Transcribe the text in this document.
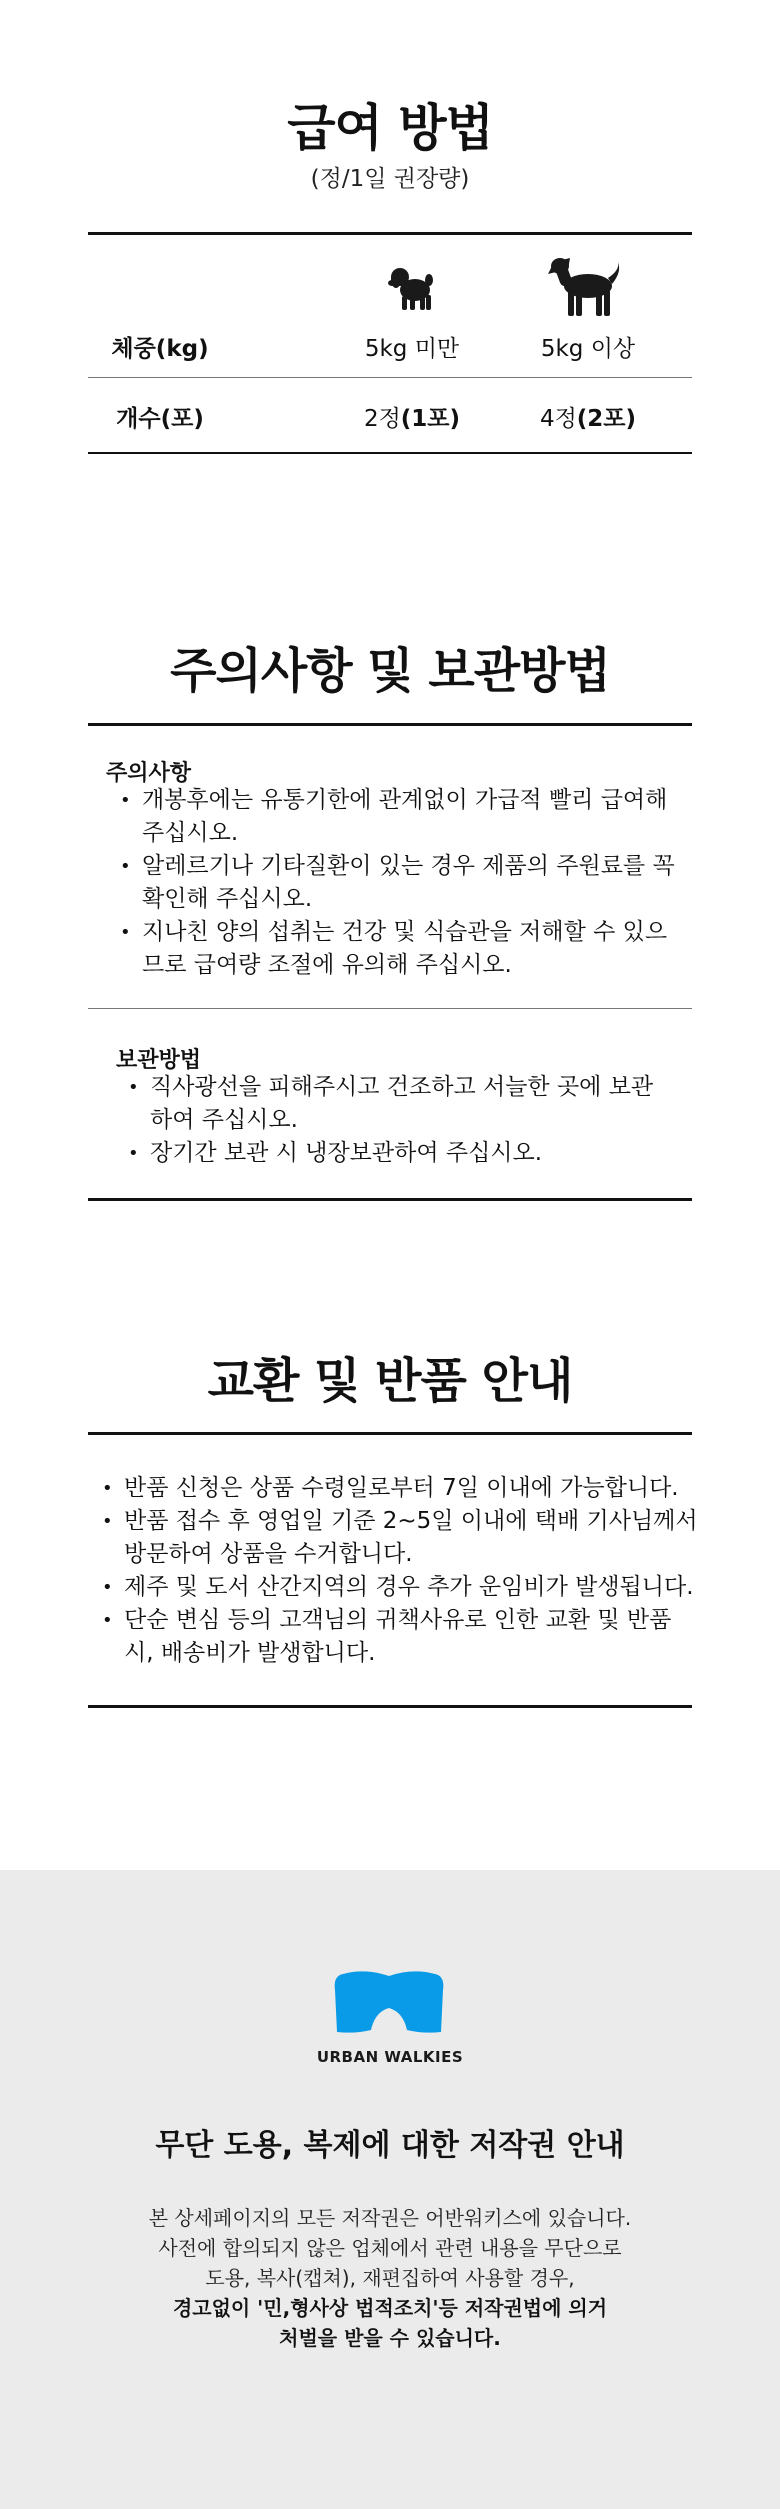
급여 방법
(정/1일 권장량)
체중(kg)	5kg 미만	5kg 이상
개수(포)	2정(1포)	4정(2포)
주의사항 및 보관방법
주의사항
• 개봉후에는 유통기한에 관계없이 가급적 빨리 급여해 주십시오.
• 알레르기나 기타질환이 있는 경우 제품의 주원료를 꼭 확인해 주십시오.
• 지나친 양의 섭취는 건강 및 식습관을 저해할 수 있으므로 급여량 조절에 유의해 주십시오.
보관방법
• 직사광선을 피해주시고 건조하고 서늘한 곳에 보관하여 주십시오.
• 장기간 보관 시 냉장보관하여 주십시오.
교환 및 반품 안내
• 반품 신청은 상품 수령일로부터 7일 이내에 가능합니다.
• 반품 접수 후 영업일 기준 2~5일 이내에 택배 기사님께서 방문하여 상품을 수거합니다.
• 제주 및 도서 산간지역의 경우 추가 운임비가 발생됩니다.
• 단순 변심 등의 고객님의 귀책사유로 인한 교환 및 반품 시, 배송비가 발생합니다.
URBAN WALKIES
무단 도용, 복제에 대한 저작권 안내
본 상세페이지의 모든 저작권은 어반워키스에 있습니다.
사전에 합의되지 않은 업체에서 관련 내용을 무단으로
도용, 복사(캡쳐), 재편집하여 사용할 경우,
경고없이 '민,형사상 법적조치'등 저작권법에 의거
처벌을 받을 수 있습니다.
